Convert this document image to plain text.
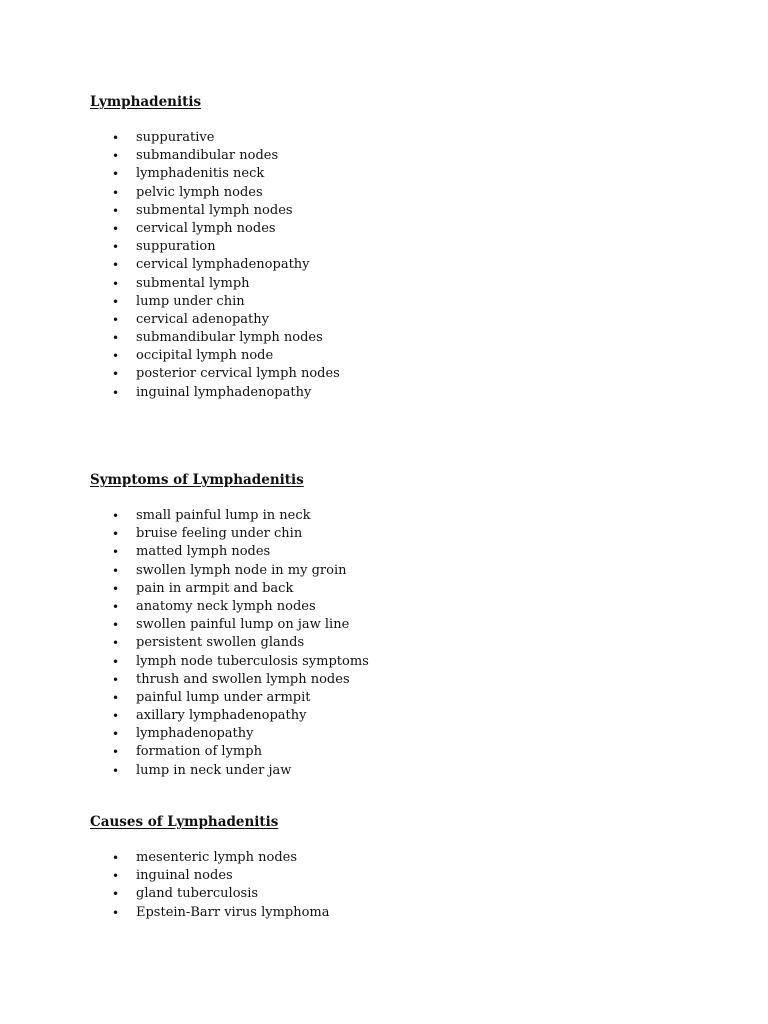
Lymphadenitis
• suppurative
• submandibular nodes
• lymphadenitis neck
• pelvic lymph nodes
• submental lymph nodes
• cervical lymph nodes
• suppuration
• cervical lymphadenopathy
• submental lymph
• lump under chin
• cervical adenopathy
• submandibular lymph nodes
• occipital lymph node
• posterior cervical lymph nodes
• inguinal lymphadenopathy
Symptoms of Lymphadenitis
• small painful lump in neck
• bruise feeling under chin
• matted lymph nodes
• swollen lymph node in my groin
• pain in armpit and back
• anatomy neck lymph nodes
• swollen painful lump on jaw line
• persistent swollen glands
• lymph node tuberculosis symptoms
• thrush and swollen lymph nodes
• painful lump under armpit
• axillary lymphadenopathy
• lymphadenopathy
• formation of lymph
• lump in neck under jaw
Causes of Lymphadenitis
• mesenteric lymph nodes
• inguinal nodes
• gland tuberculosis
• Epstein-Barr virus lymphoma
